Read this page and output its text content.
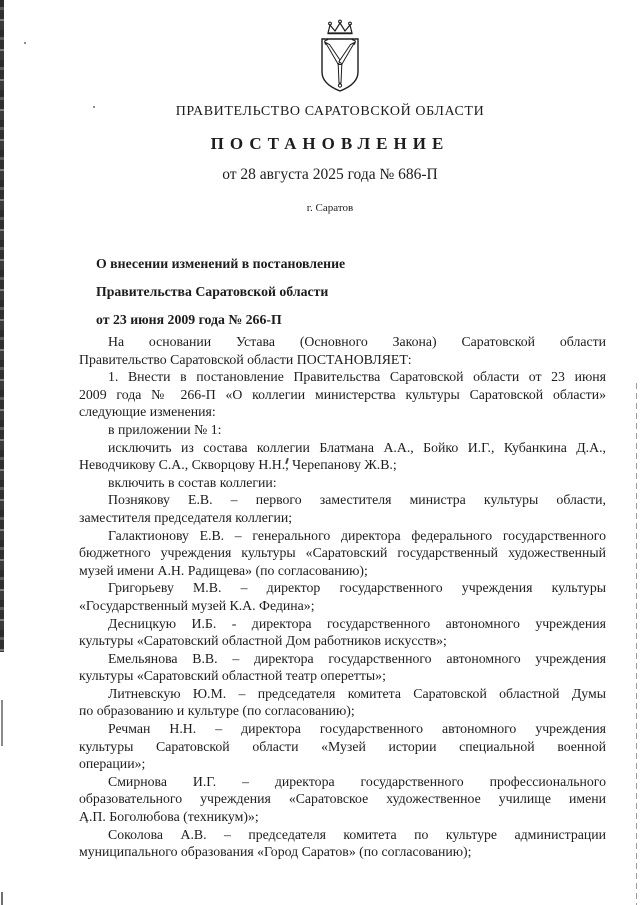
ПРАВИТЕЛЬСТВО САРАТОВСКОЙ ОБЛАСТИ
ПОСТАНОВЛЕНИЕ
от 28 августа 2025 года № 686-П
г. Саратов
О внесении изменений в постановление
Правительства Саратовской области
от 23 июня 2009 года № 266-П

На основании Устава (Основного Закона) Саратовской области
Правительство Саратовской области ПОСТАНОВЛЯЕТ:

1. Внести в постановление Правительства Саратовской области от 23 июня
2009 года № 266-П «О коллегии министерства культуры Саратовской области»
следующие изменения:

в приложении № 1:

исключить из состава коллегии Блатмана А.А., Бойко И.Г., Кубанкина Д.А.,
Неводчикову С.А., Скворцову Н.Н., Черепанову Ж.В.;

включить в состав коллегии:

Познякову Е.В. – первого заместителя министра культуры области,
заместителя председателя коллегии;

Галактионову Е.В. – генерального директора федерального государственного
бюджетного учреждения культуры «Саратовский государственный художественный
музей имени А.Н. Радищева» (по согласованию);

Григорьеву М.В. – директор государственного учреждения культуры
«Государственный музей К.А. Федина»;

Десницкую И.Б. - директора государственного автономного учреждения
культуры «Саратовский областной Дом работников искусств»;

Емельянова В.В. – директора государственного автономного учреждения
культуры «Саратовский областной театр оперетты»;

Литневскую Ю.М. – председателя комитета Саратовской областной Думы
по образованию и культуре (по согласованию);

Речман Н.Н. – директора государственного автономного учреждения
культуры Саратовской области «Музей истории специальной военной
операции»;

Смирнова И.Г. – директора государственного профессионального
образовательного учреждения «Саратовское художественное училище имени
А.П. Боголюбова (техникум)»;

Соколова А.В. – председателя комитета по культуре администрации
муниципального образования «Город Саратов» (по согласованию);
